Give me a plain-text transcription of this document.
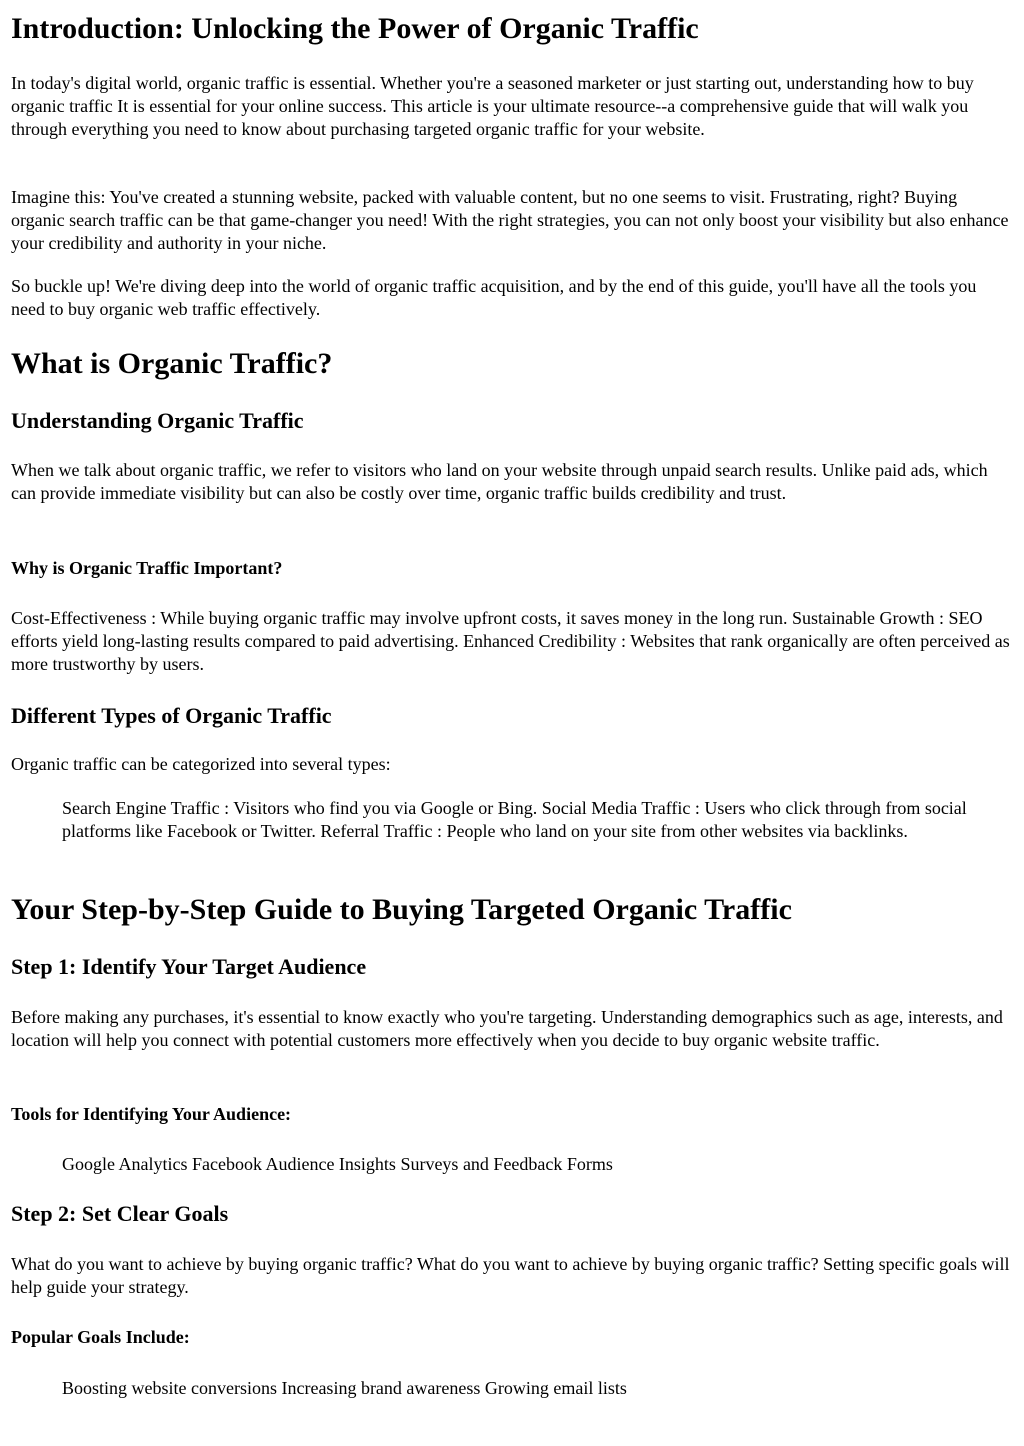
Introduction: Unlocking the Power of Organic Traffic

In today's digital world, organic traffic is essential. Whether you're a seasoned marketer or just starting out, understanding how to buy organic traffic It is essential for your online success. This article is your ultimate resource--a comprehensive guide that will walk you through everything you need to know about purchasing targeted organic traffic for your website.

Imagine this: You've created a stunning website, packed with valuable content, but no one seems to visit. Frustrating, right? Buying organic search traffic can be that game-changer you need! With the right strategies, you can not only boost your visibility but also enhance your credibility and authority in your niche.

So buckle up! We're diving deep into the world of organic traffic acquisition, and by the end of this guide, you'll have all the tools you need to buy organic web traffic effectively.

What is Organic Traffic?
Understanding Organic Traffic

When we talk about organic traffic, we refer to visitors who land on your website through unpaid search results. Unlike paid ads, which can provide immediate visibility but can also be costly over time, organic traffic builds credibility and trust.

Why is Organic Traffic Important?

Cost-Effectiveness : While buying organic traffic may involve upfront costs, it saves money in the long run. Sustainable Growth : SEO efforts yield long-lasting results compared to paid advertising. Enhanced Credibility : Websites that rank organically are often perceived as more trustworthy by users.

Different Types of Organic Traffic

Organic traffic can be categorized into several types:

Search Engine Traffic : Visitors who find you via Google or Bing. Social Media Traffic : Users who click through from social platforms like Facebook or Twitter. Referral Traffic : People who land on your site from other websites via backlinks.

Your Step-by-Step Guide to Buying Targeted Organic Traffic
Step 1: Identify Your Target Audience

Before making any purchases, it's essential to know exactly who you're targeting. Understanding demographics such as age, interests, and location will help you connect with potential customers more effectively when you decide to buy organic website traffic.

Tools for Identifying Your Audience:

Google Analytics Facebook Audience Insights Surveys and Feedback Forms

Step 2: Set Clear Goals

What do you want to achieve by buying organic traffic? What do you want to achieve by buying organic traffic? Setting specific goals will help guide your strategy.

Popular Goals Include:

Boosting website conversions Increasing brand awareness Growing email lists
